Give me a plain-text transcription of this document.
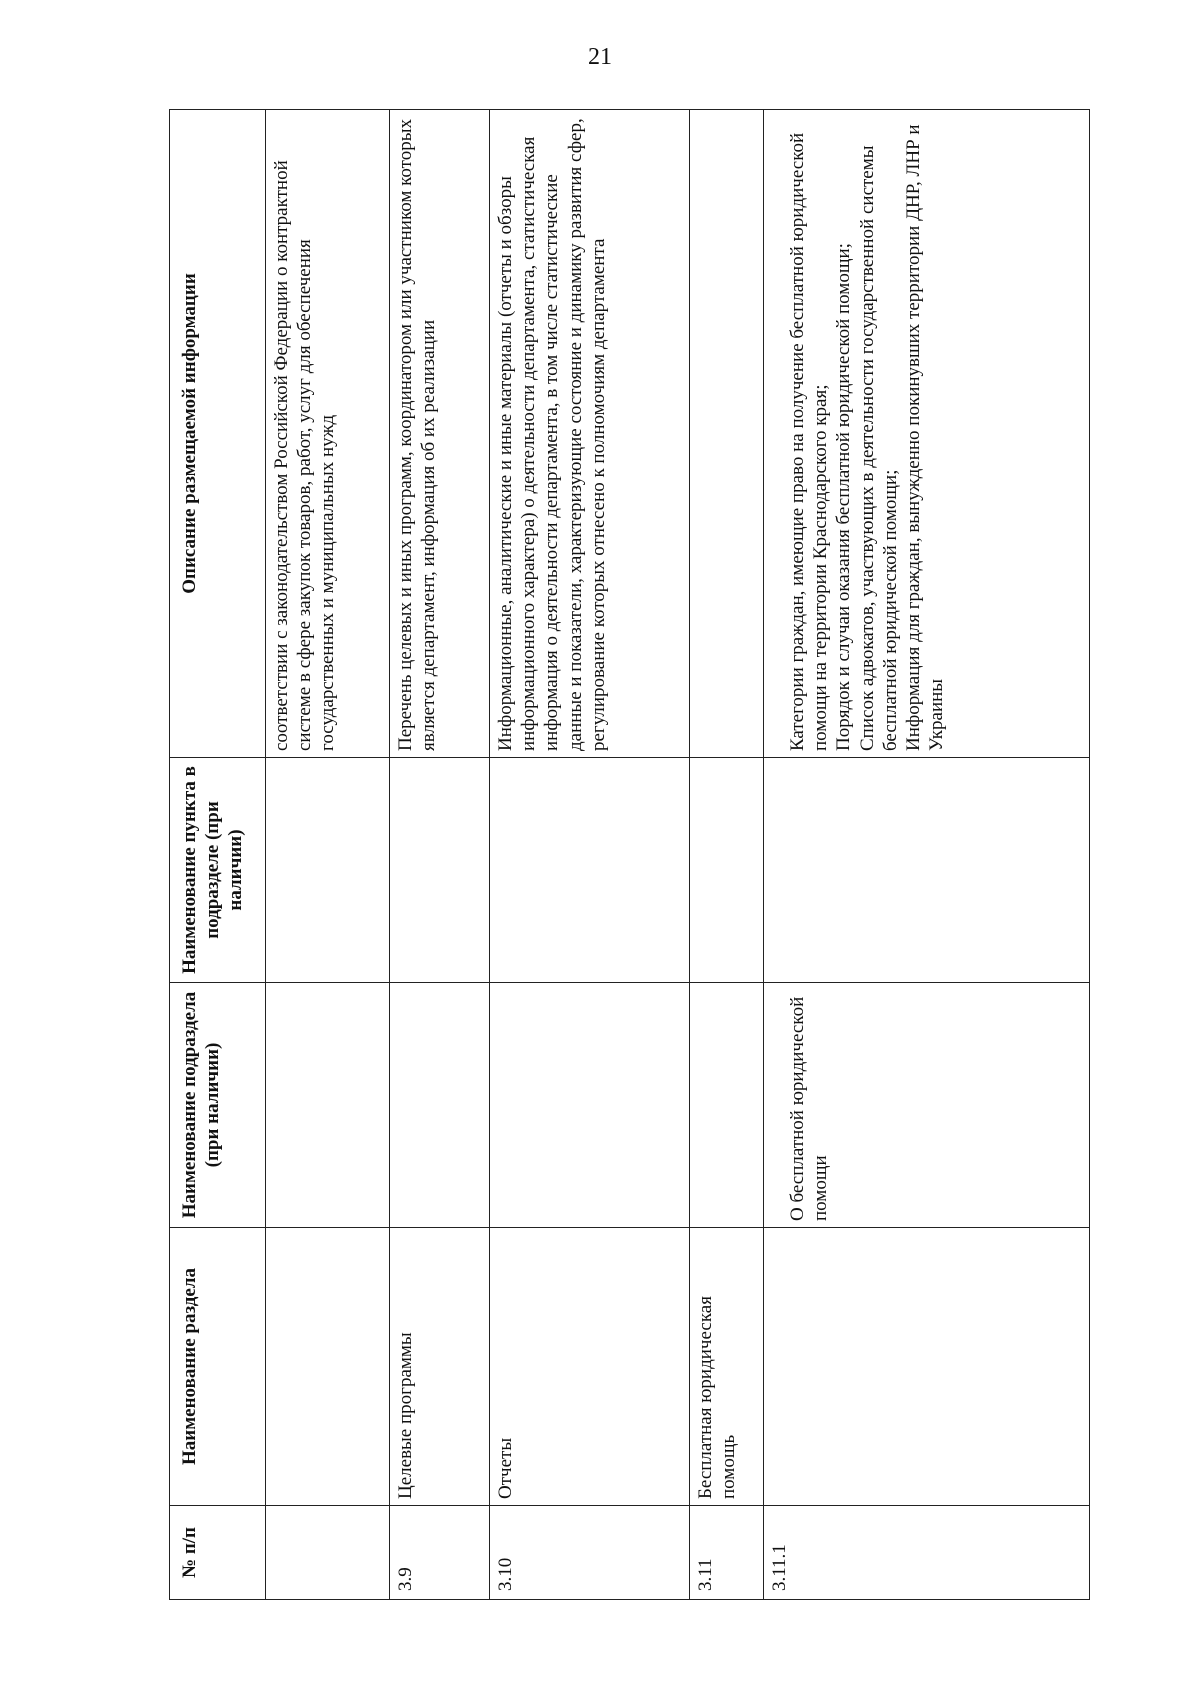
21
№ п/п	Наименование раздела	Наименование подраздела (при наличии)	Наименование пункта в подразделе (при наличии)	Описание размещаемой информации
				соответствии с законодательством Российской Федерации о контрактной системе в сфере закупок товаров, работ, услуг для обеспечения государственных и муниципальных нужд
3.9	Целевые программы			Перечень целевых и иных программ, координатором или участником которых является департамент, информация об их реализации
3.10	Отчеты			Информационные, аналитические и иные материалы (отчеты и обзоры информационного характера) о деятельности департамента, статистическая информация о деятельности департамента, в том числе статистические данные и показатели, характеризующие состояние и динамику развития сфер, регулирование которых отнесено к полномочиям департамента
3.11	Бесплатная юридическая помощь			
3.11.1		О бесплатной юридической помощи		Категории граждан, имеющие право на получение бесплатной юридической помощи на территории Краснодарского края;
Порядок и случаи оказания бесплатной юридической помощи;
Список адвокатов, участвующих в деятельности государственной системы бесплатной юридической помощи;
Информация для граждан, вынужденно покинувших территории ДНР, ЛНР и Украины
